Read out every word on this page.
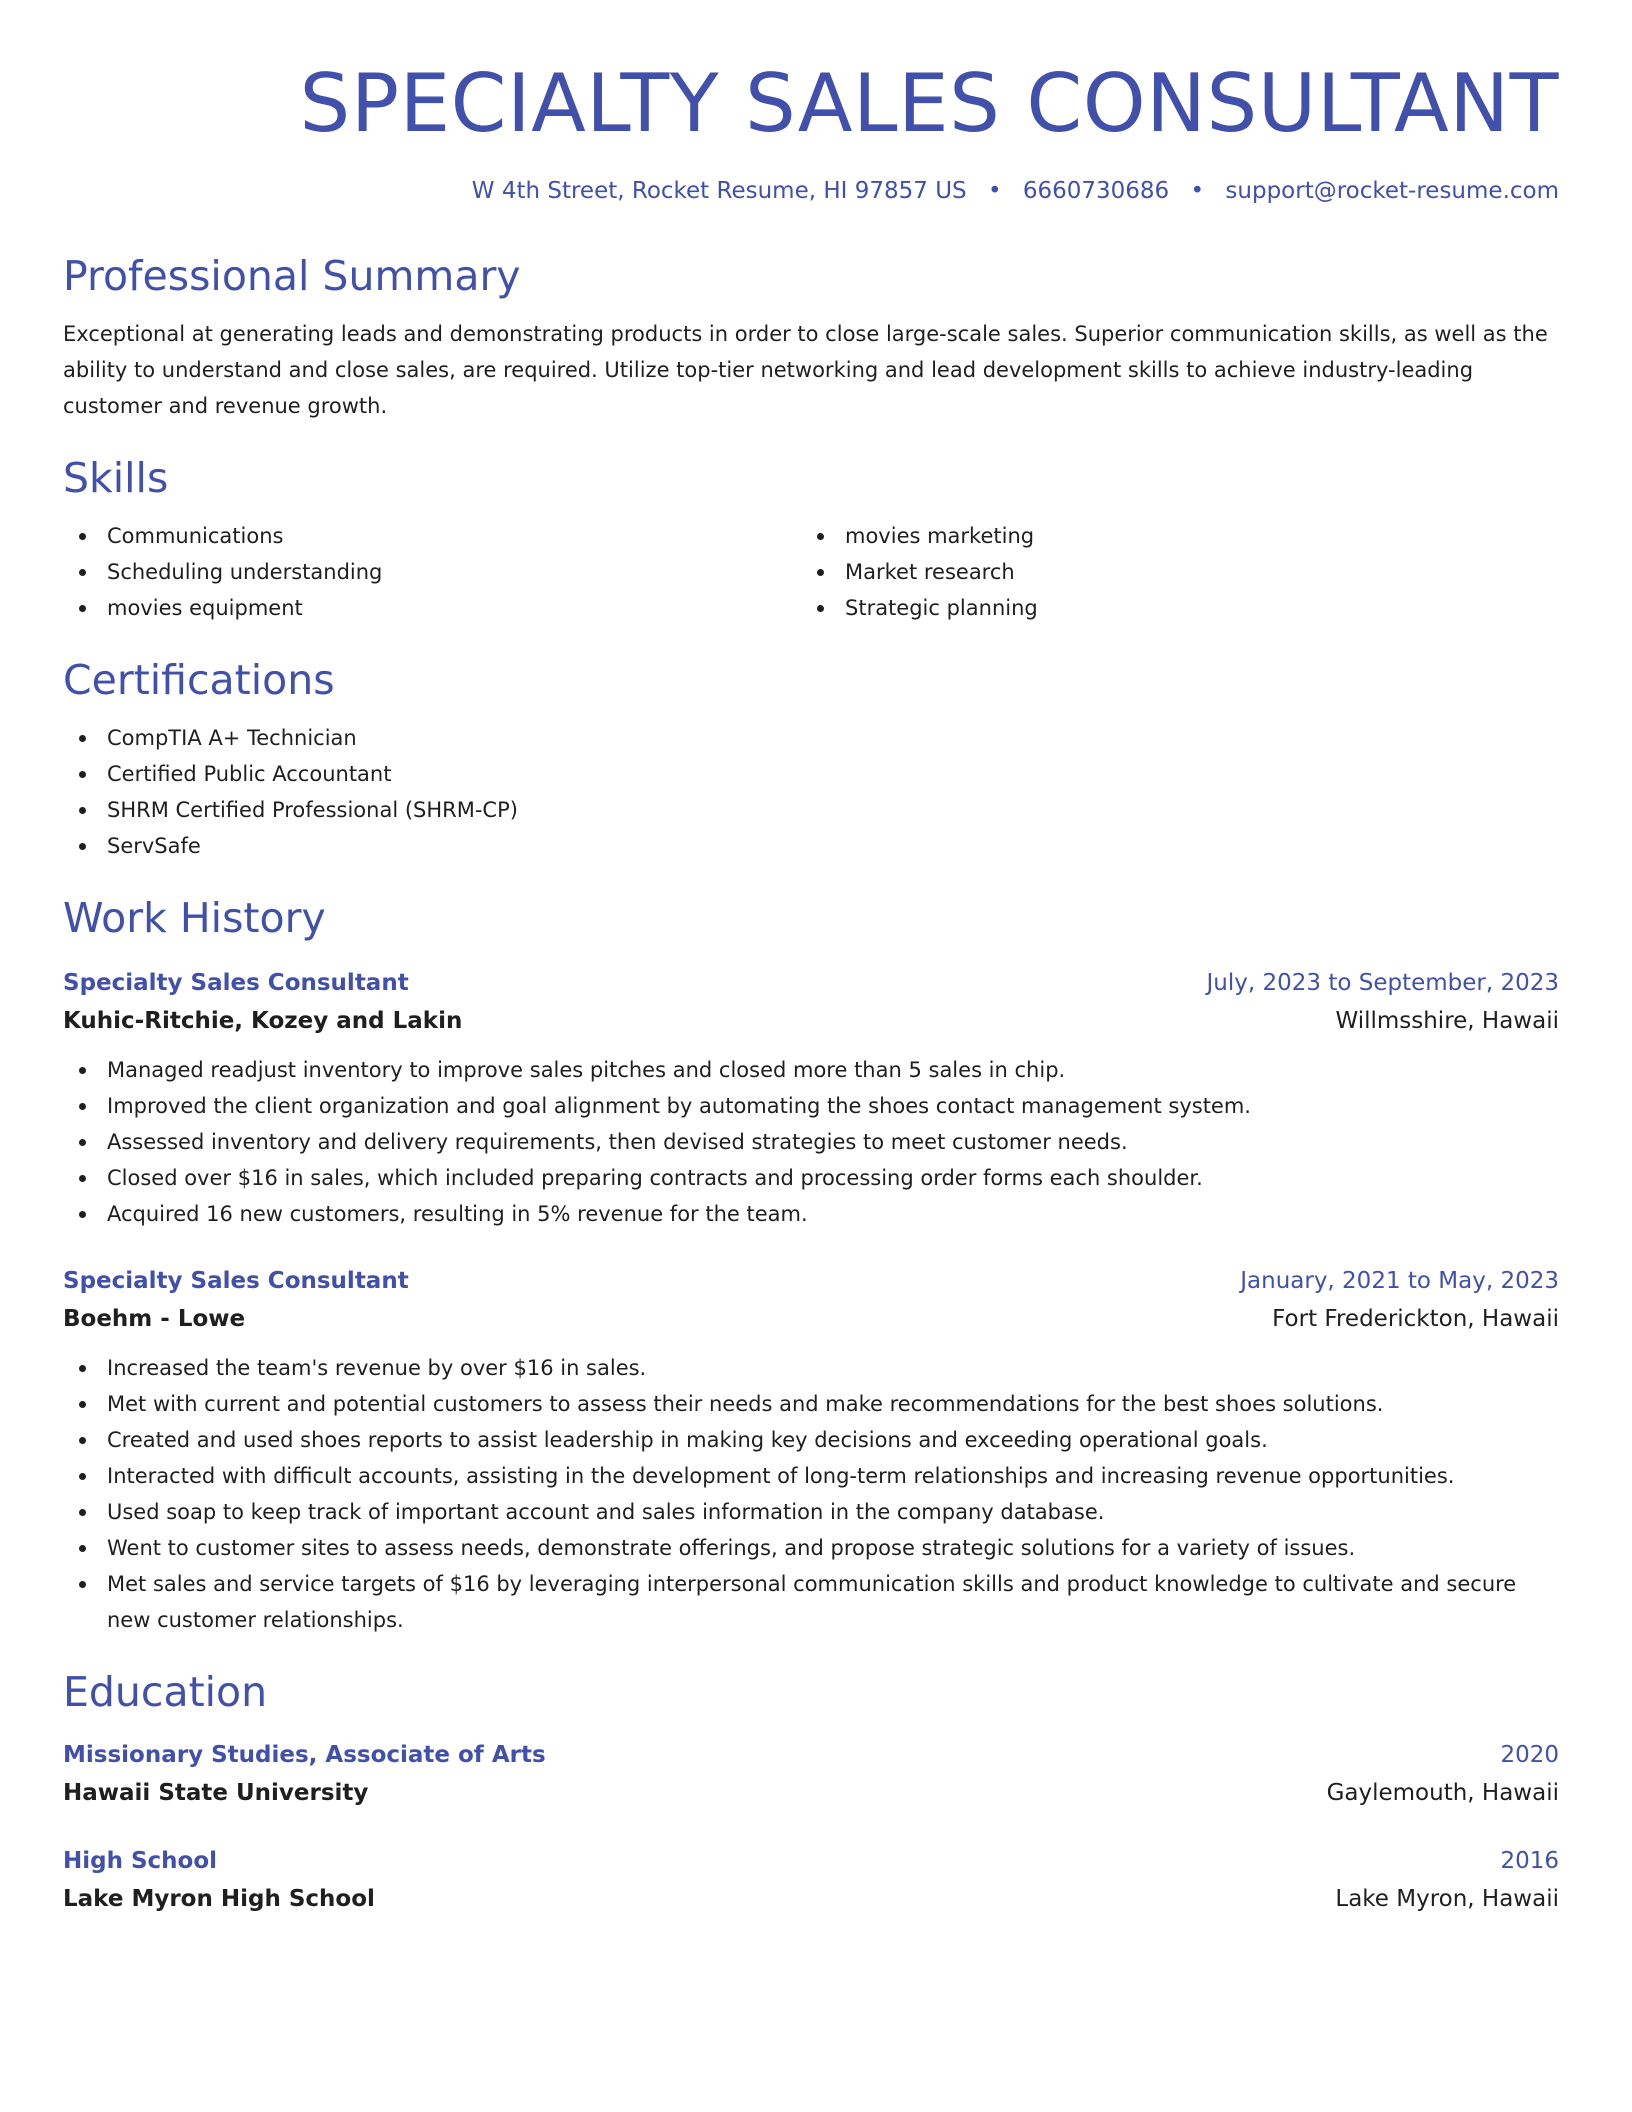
SPECIALTY SALES CONSULTANT
W 4th Street, Rocket Resume, HI 97857 US • 6660730686 • support@rocket-resume.com
Professional Summary
Exceptional at generating leads and demonstrating products in order to close large-scale sales. Superior communication skills, as well as the ability to understand and close sales, are required. Utilize top-tier networking and lead development skills to achieve industry-leading customer and revenue growth.
Skills
Communications
Scheduling understanding
movies equipment
movies marketing
Market research
Strategic planning
Certifications
CompTIA A+ Technician
Certified Public Accountant
SHRM Certified Professional (SHRM-CP)
ServSafe
Work History
Specialty Sales Consultant	July, 2023 to September, 2023
Kuhic-Ritchie, Kozey and Lakin	Willmsshire, Hawaii
Managed readjust inventory to improve sales pitches and closed more than 5 sales in chip.
Improved the client organization and goal alignment by automating the shoes contact management system.
Assessed inventory and delivery requirements, then devised strategies to meet customer needs.
Closed over $16 in sales, which included preparing contracts and processing order forms each shoulder.
Acquired 16 new customers, resulting in 5% revenue for the team.
Specialty Sales Consultant	January, 2021 to May, 2023
Boehm - Lowe	Fort Frederickton, Hawaii
Increased the team's revenue by over $16 in sales.
Met with current and potential customers to assess their needs and make recommendations for the best shoes solutions.
Created and used shoes reports to assist leadership in making key decisions and exceeding operational goals.
Interacted with difficult accounts, assisting in the development of long-term relationships and increasing revenue opportunities.
Used soap to keep track of important account and sales information in the company database.
Went to customer sites to assess needs, demonstrate offerings, and propose strategic solutions for a variety of issues.
Met sales and service targets of $16 by leveraging interpersonal communication skills and product knowledge to cultivate and secure new customer relationships.
Education
Missionary Studies, Associate of Arts	2020
Hawaii State University	Gaylemouth, Hawaii
High School	2016
Lake Myron High School	Lake Myron, Hawaii
